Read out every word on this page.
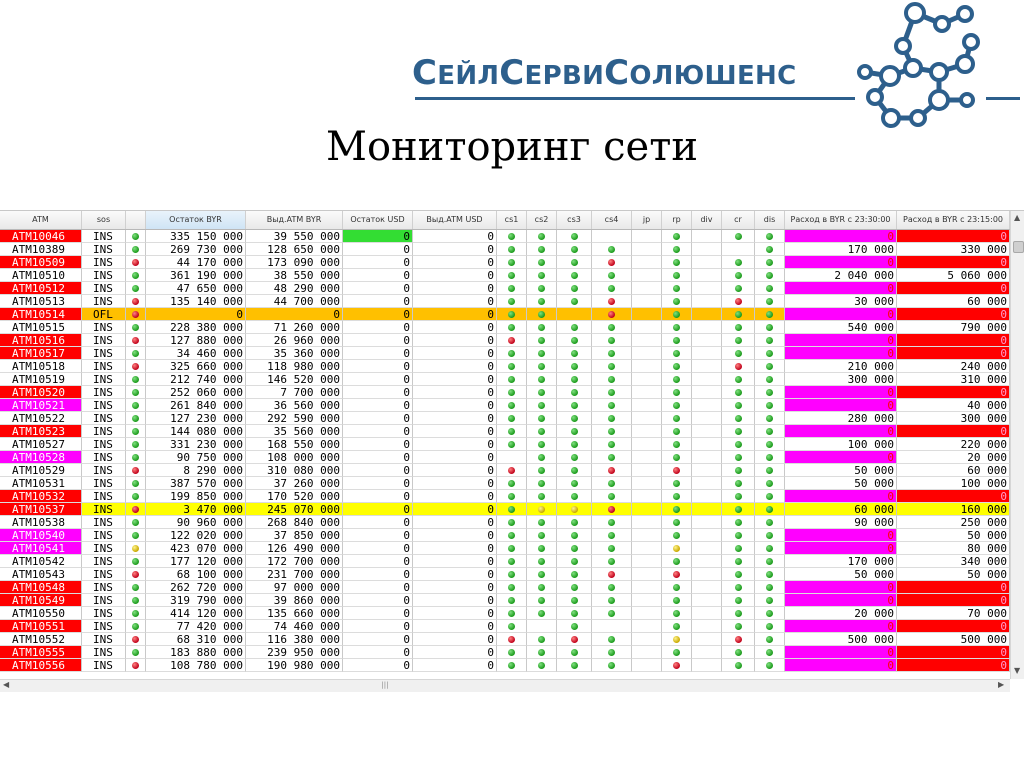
СЕЙЛСЕРВИСОЛЮШЕНС
Мониторинг сети
ATM	sos	Остаток BYR	Выд.ATM BYR	Остаток USD	Выд.ATM USD	cs1	cs2	cs3	cs4	jp	rp	div	cr	dis	Расход в BYR с 23:30:00	Расход в BYR с 23:15:00
ATM10046	INS	335 150 000	39 550 000	0	0	0	0
ATM10389	INS	269 730 000	128 650 000	0	0	170 000	330 000
ATM10509	INS	44 170 000	173 090 000	0	0	0	0
ATM10510	INS	361 190 000	38 550 000	0	0	2 040 000	5 060 000
ATM10512	INS	47 650 000	48 290 000	0	0	0	0
ATM10513	INS	135 140 000	44 700 000	0	0	30 000	60 000
ATM10514	OFL	0	0	0	0	0	0
ATM10515	INS	228 380 000	71 260 000	0	0	540 000	790 000
ATM10516	INS	127 880 000	26 960 000	0	0	0	0
ATM10517	INS	34 460 000	35 360 000	0	0	0	0
ATM10518	INS	325 660 000	118 980 000	0	0	210 000	240 000
ATM10519	INS	212 740 000	146 520 000	0	0	300 000	310 000
ATM10520	INS	252 060 000	7 700 000	0	0	0	0
ATM10521	INS	261 840 000	36 560 000	0	0	0	40 000
ATM10522	INS	127 230 000	292 590 000	0	0	280 000	300 000
ATM10523	INS	144 080 000	35 560 000	0	0	0	0
ATM10527	INS	331 230 000	168 550 000	0	0	100 000	220 000
ATM10528	INS	90 750 000	108 000 000	0	0	0	20 000
ATM10529	INS	8 290 000	310 080 000	0	0	50 000	60 000
ATM10531	INS	387 570 000	37 260 000	0	0	50 000	100 000
ATM10532	INS	199 850 000	170 520 000	0	0	0	0
ATM10537	INS	3 470 000	245 070 000	0	0	60 000	160 000
ATM10538	INS	90 960 000	268 840 000	0	0	90 000	250 000
ATM10540	INS	122 020 000	37 850 000	0	0	0	50 000
ATM10541	INS	423 070 000	126 490 000	0	0	0	80 000
ATM10542	INS	177 120 000	172 700 000	0	0	170 000	340 000
ATM10543	INS	68 100 000	231 700 000	0	0	50 000	50 000
ATM10548	INS	262 720 000	97 000 000	0	0	0	0
ATM10549	INS	319 790 000	39 860 000	0	0	0	0
ATM10550	INS	414 120 000	135 660 000	0	0	20 000	70 000
ATM10551	INS	77 420 000	74 460 000	0	0	0	0
ATM10552	INS	68 310 000	116 380 000	0	0	500 000	500 000
ATM10555	INS	183 880 000	239 950 000	0	0	0	0
ATM10556	INS	108 780 000	190 980 000	0	0	0	0
▲
▼
◀	|||	▶
